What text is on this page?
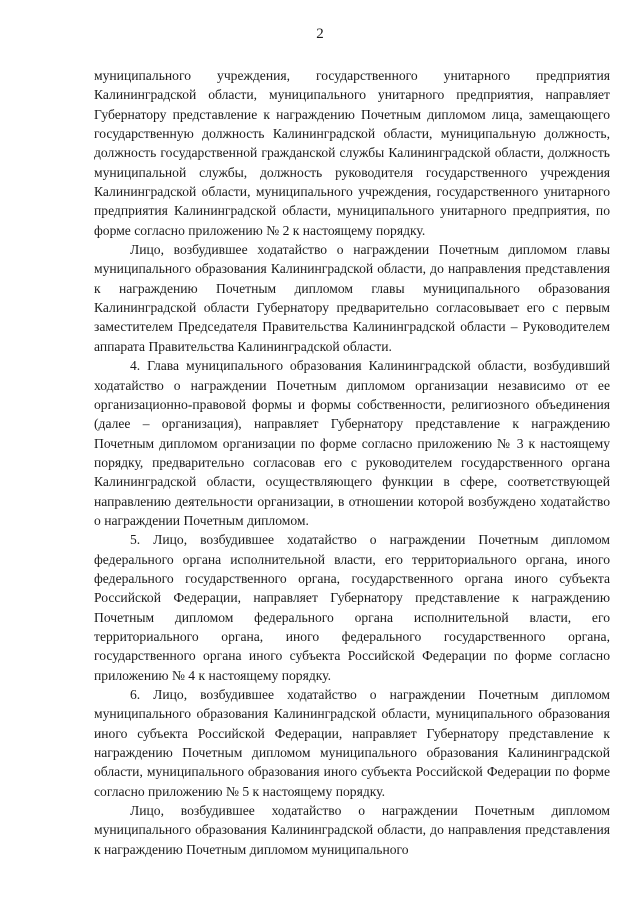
2

муниципального учреждения, государственного унитарного предприятия Калининградской области, муниципального унитарного предприятия, направляет Губернатору представление к награждению Почетным дипломом лица, замещающего государственную должность Калининградской области, муниципальную должность, должность государственной гражданской службы Калининградской области, должность муниципальной службы, должность руководителя государственного учреждения Калининградской области, муниципального учреждения, государственного унитарного предприятия Калининградской области, муниципального унитарного предприятия, по форме согласно приложению № 2 к настоящему порядку.

Лицо, возбудившее ходатайство о награждении Почетным дипломом главы муниципального образования Калининградской области, до направления представления к награждению Почетным дипломом главы муниципального образования Калининградской области Губернатору предварительно согласовывает его с первым заместителем Председателя Правительства Калининградской области – Руководителем аппарата Правительства Калининградской области.

4. Глава муниципального образования Калининградской области, возбудивший ходатайство о награждении Почетным дипломом организации независимо от ее организационно-правовой формы и формы собственности, религиозного объединения (далее – организация), направляет Губернатору представление к награждению Почетным дипломом организации по форме согласно приложению № 3 к настоящему порядку, предварительно согласовав его с руководителем государственного органа Калининградской области, осуществляющего функции в сфере, соответствующей направлению деятельности организации, в отношении которой возбуждено ходатайство о награждении Почетным дипломом.

5. Лицо, возбудившее ходатайство о награждении Почетным дипломом федерального органа исполнительной власти, его территориального органа, иного федерального государственного органа, государственного органа иного субъекта Российской Федерации, направляет Губернатору представление к награждению Почетным дипломом федерального органа исполнительной власти, его территориального органа, иного федерального государственного органа, государственного органа иного субъекта Российской Федерации по форме согласно приложению № 4 к настоящему порядку.

6. Лицо, возбудившее ходатайство о награждении Почетным дипломом муниципального образования Калининградской области, муниципального образования иного субъекта Российской Федерации, направляет Губернатору представление к награждению Почетным дипломом муниципального образования Калининградской области, муниципального образования иного субъекта Российской Федерации по форме согласно приложению № 5 к настоящему порядку.

Лицо, возбудившее ходатайство о награждении Почетным дипломом муниципального образования Калининградской области, до направления представления к награждению Почетным дипломом муниципального
